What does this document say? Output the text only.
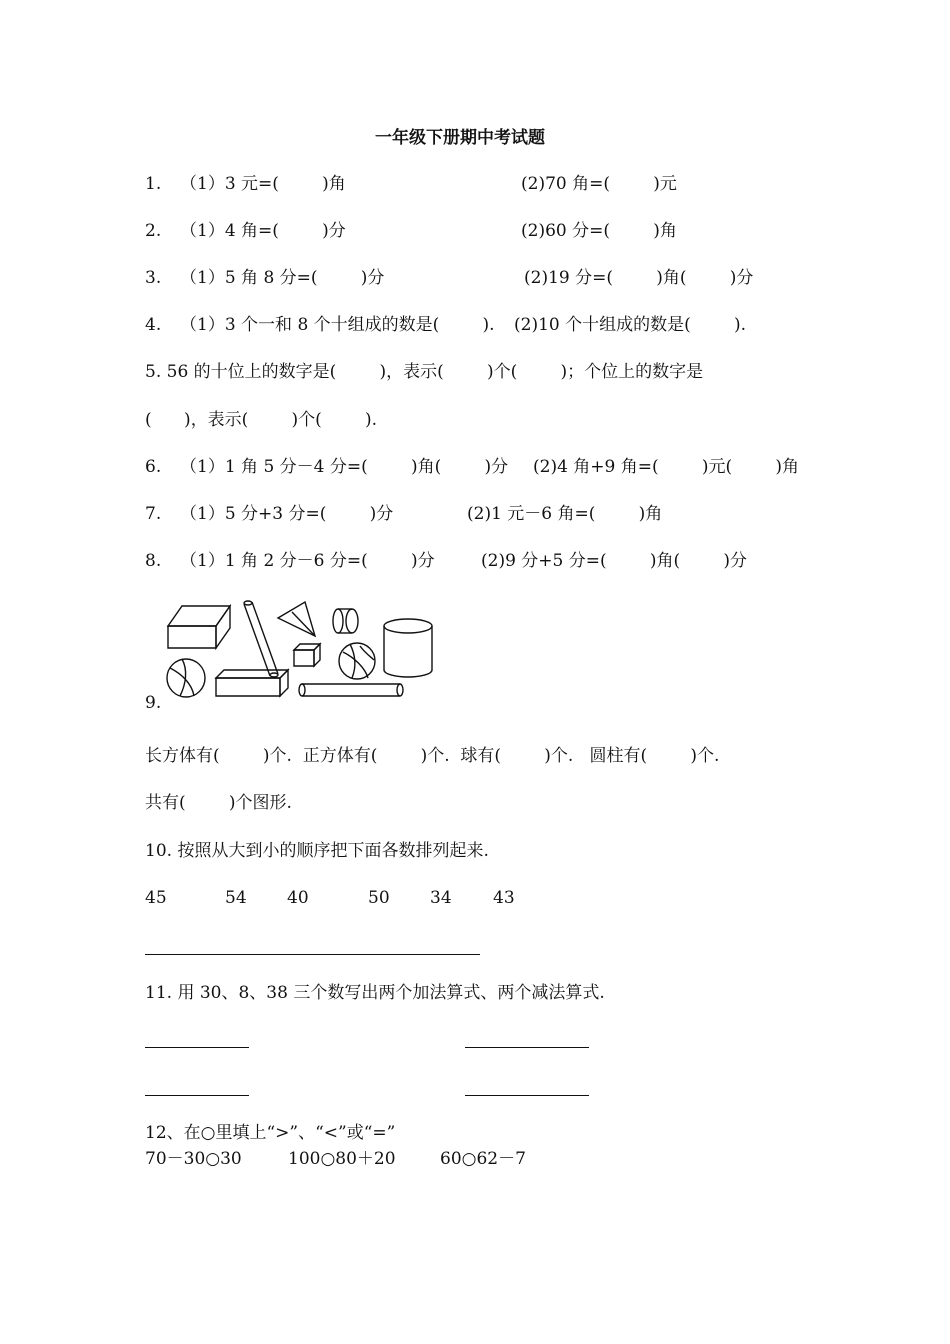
一年级下册期中考试题
1. （1）3 元=(        )角	(2)70 角=(        )元
2. （1）4 角=(        )分	(2)60 分=(        )角
3. （1）5 角 8 分=(        )分	(2)19 分=(        )角(        )分
4. （1）3 个一和 8 个十组成的数是(        ). (2)10 个十组成的数是(        ).
5. 56 的十位上的数字是(        )，表示(        )个(        )；个位上的数字是
(      )，表示(        )个(        ).
6. （1）1 角 5 分－4 分=(        )角(        )分 (2)4 角+9 角=(        )元(        )角
7. （1）5 分+3 分=(        )分	(2)1 元－6 角=(        )角
8. （1）1 角 2 分－6 分=(        )分	(2)9 分+5 分=(        )角(        )分
9.
长方体有(        )个.  正方体有(        )个.  球有(        )个.   圆柱有(        )个.
共有(        )个图形.
10. 按照从大到小的顺序把下面各数排列起来.
45	54 40	50 34 43
11. 用 30、8、38 三个数写出两个加法算式、两个减法算式.
12、在○里填上“>”、“<”或“=”
70－30○30	100○80＋20	60○62－7
